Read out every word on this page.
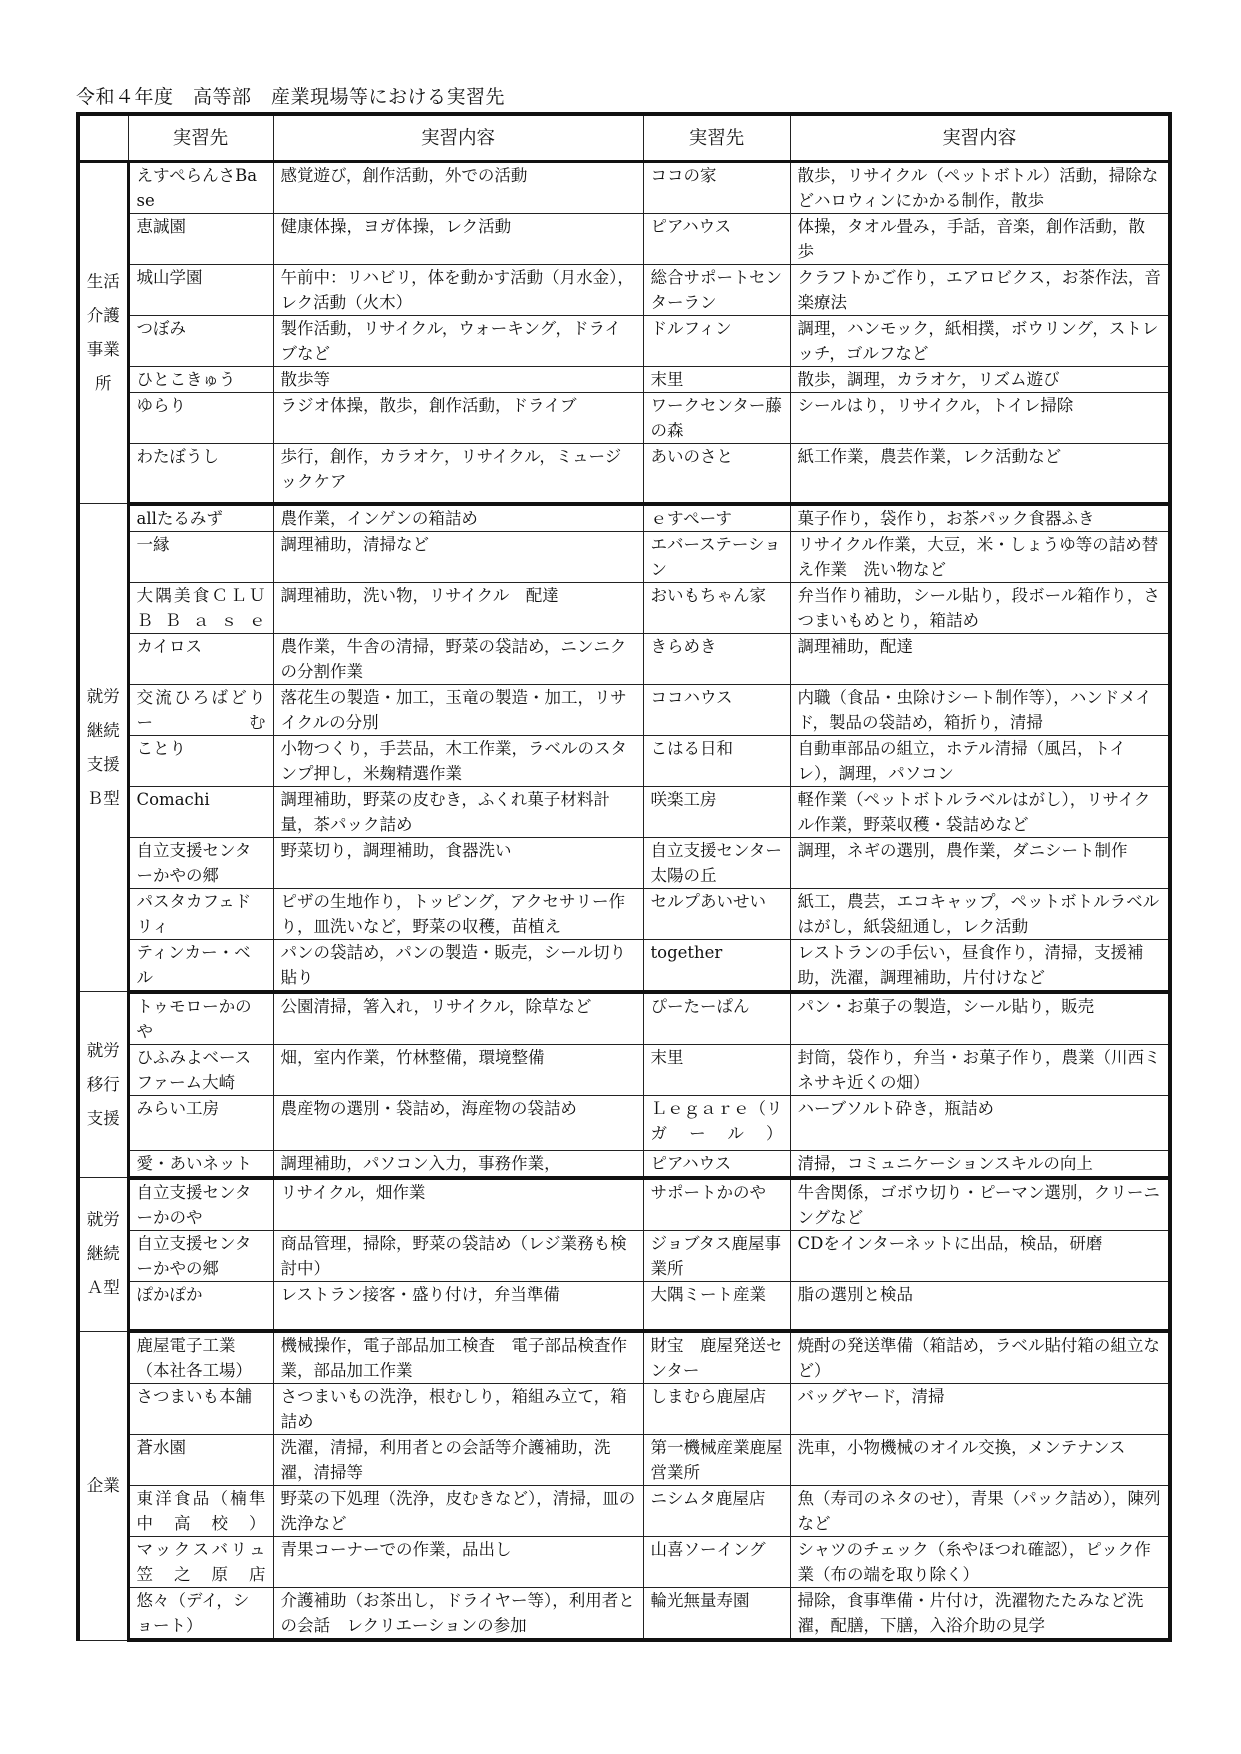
令和４年度　高等部　産業現場等における実習先
	実習先	実習内容	実習先	実習内容

生活介護事業所	えすぺらんさBase	感覚遊び，創作活動，外での活動	ココの家	散歩，リサイクル（ペットボトル）活動，掃除などハロウィンにかかる制作，散歩
	恵誠園	健康体操，ヨガ体操，レク活動	ピアハウス	体操，タオル畳み，手話，音楽，創作活動，散歩
	城山学園	午前中：リハビリ，体を動かす活動（月水金），レク活動（火木）	総合サポートセンターラン	クラフトかご作り，エアロビクス，お茶作法，音楽療法
	つぼみ	製作活動，リサイクル，ウォーキング，ドライブなど	ドルフィン	調理，ハンモック，紙相撲，ボウリング，ストレッチ，ゴルフなど
	ひとこきゅう	散歩等	末里	散歩，調理，カラオケ，リズム遊び
	ゆらり	ラジオ体操，散歩，創作活動，ドライブ	ワークセンター藤の森	シールはり，リサイクル，トイレ掃除
	わたぼうし	歩行，創作，カラオケ，リサイクル，ミュージックケア	あいのさと	紙工作業，農芸作業，レク活動など

就労継続支援Ｂ型	allたるみず	農作業，インゲンの箱詰め	ｅすぺーす	菓子作り，袋作り，お茶パック食器ふき
	一縁	調理補助，清掃など	エバーステーション	リサイクル作業，大豆，米・しょうゆ等の詰め替え作業　洗い物など
	大隅美食ＣＬＵＢＢａｓｅ	調理補助，洗い物，リサイクル　配達	おいもちゃん家	弁当作り補助，シール貼り，段ボール箱作り，さつまいもめとり，箱詰め
	カイロス	農作業，牛舎の清掃，野菜の袋詰め，ニンニクの分割作業	きらめき	調理補助，配達
	交流ひろばどりーむ	落花生の製造・加工，玉竜の製造・加工，リサイクルの分別	ココハウス	内職（食品・虫除けシート制作等），ハンドメイド，製品の袋詰め，箱折り，清掃
	ことり	小物つくり，手芸品，木工作業，ラベルのスタンプ押し，米麹精選作業	こはる日和	自動車部品の組立，ホテル清掃（風呂，トイレ），調理，パソコン
	Comachi	調理補助，野菜の皮むき，ふくれ菓子材料計量，茶パック詰め	咲楽工房	軽作業（ペットボトルラベルはがし），リサイクル作業，野菜収穫・袋詰めなど
	自立支援センターかやの郷	野菜切り，調理補助，食器洗い	自立支援センター太陽の丘	調理，ネギの選別，農作業，ダニシート制作
	パスタカフェドリィ	ピザの生地作り，トッピング，アクセサリー作り，皿洗いなど，野菜の収穫，苗植え	セルプあいせい	紙工，農芸，エコキャップ，ペットボトルラベルはがし，紙袋紐通し，レク活動
	ティンカー・ベル	パンの袋詰め，パンの製造・販売，シール切り貼り	together	レストランの手伝い，昼食作り，清掃，支援補助，洗濯，調理補助，片付けなど

就労移行支援	トゥモローかのや	公園清掃，箸入れ，リサイクル，除草など	ぴーたーぱん	パン・お菓子の製造，シール貼り，販売
	ひふみよベースファーム大崎	畑，室内作業，竹林整備，環境整備	末里	封筒，袋作り，弁当・お菓子作り，農業（川西ミネサキ近くの畑）
	みらい工房	農産物の選別・袋詰め，海産物の袋詰め	Ｌｅｇａｒｅ（リガール）	ハーブソルト砕き，瓶詰め
	愛・あいネット	調理補助，パソコン入力，事務作業，	ピアハウス	清掃，コミュニケーションスキルの向上

就労継続Ａ型	自立支援センターかのや	リサイクル，畑作業	サポートかのや	牛舎関係，ゴボウ切り・ピーマン選別，クリーニングなど
	自立支援センターかやの郷	商品管理，掃除，野菜の袋詰め（レジ業務も検討中）	ジョブタス鹿屋事業所	CDをインターネットに出品，検品，研磨
	ぽかぽか	レストラン接客・盛り付け，弁当準備	大隅ミート産業	脂の選別と検品

企業	鹿屋電子工業（本社各工場）	機械操作，電子部品加工検査　電子部品検査作業，部品加工作業	財宝　鹿屋発送センター	焼酎の発送準備（箱詰め，ラベル貼付箱の組立など）
	さつまいも本舗	さつまいもの洗浄，根むしり，箱組み立て，箱詰め	しまむら鹿屋店	バッグヤード，清掃
	蒼水園	洗濯，清掃，利用者との会話等介護補助，洗濯，清掃等	第一機械産業鹿屋営業所	洗車，小物機械のオイル交換，メンテナンス
	東洋食品（楠隼中高校）	野菜の下処理（洗浄，皮むきなど），清掃，皿の洗浄など	ニシムタ鹿屋店	魚（寿司のネタのせ），青果（パック詰め），陳列など
	マックスバリュ　笠之原店	青果コーナーでの作業，品出し	山喜ソーイング	シャツのチェック（糸やほつれ確認），ピック作業（布の端を取り除く）
	悠々（デイ，ショート）	介護補助（お茶出し，ドライヤー等），利用者との会話　レクリエーションの参加	輪光無量寿園	掃除，食事準備・片付け，洗濯物たたみなど洗濯，配膳，下膳，入浴介助の見学
